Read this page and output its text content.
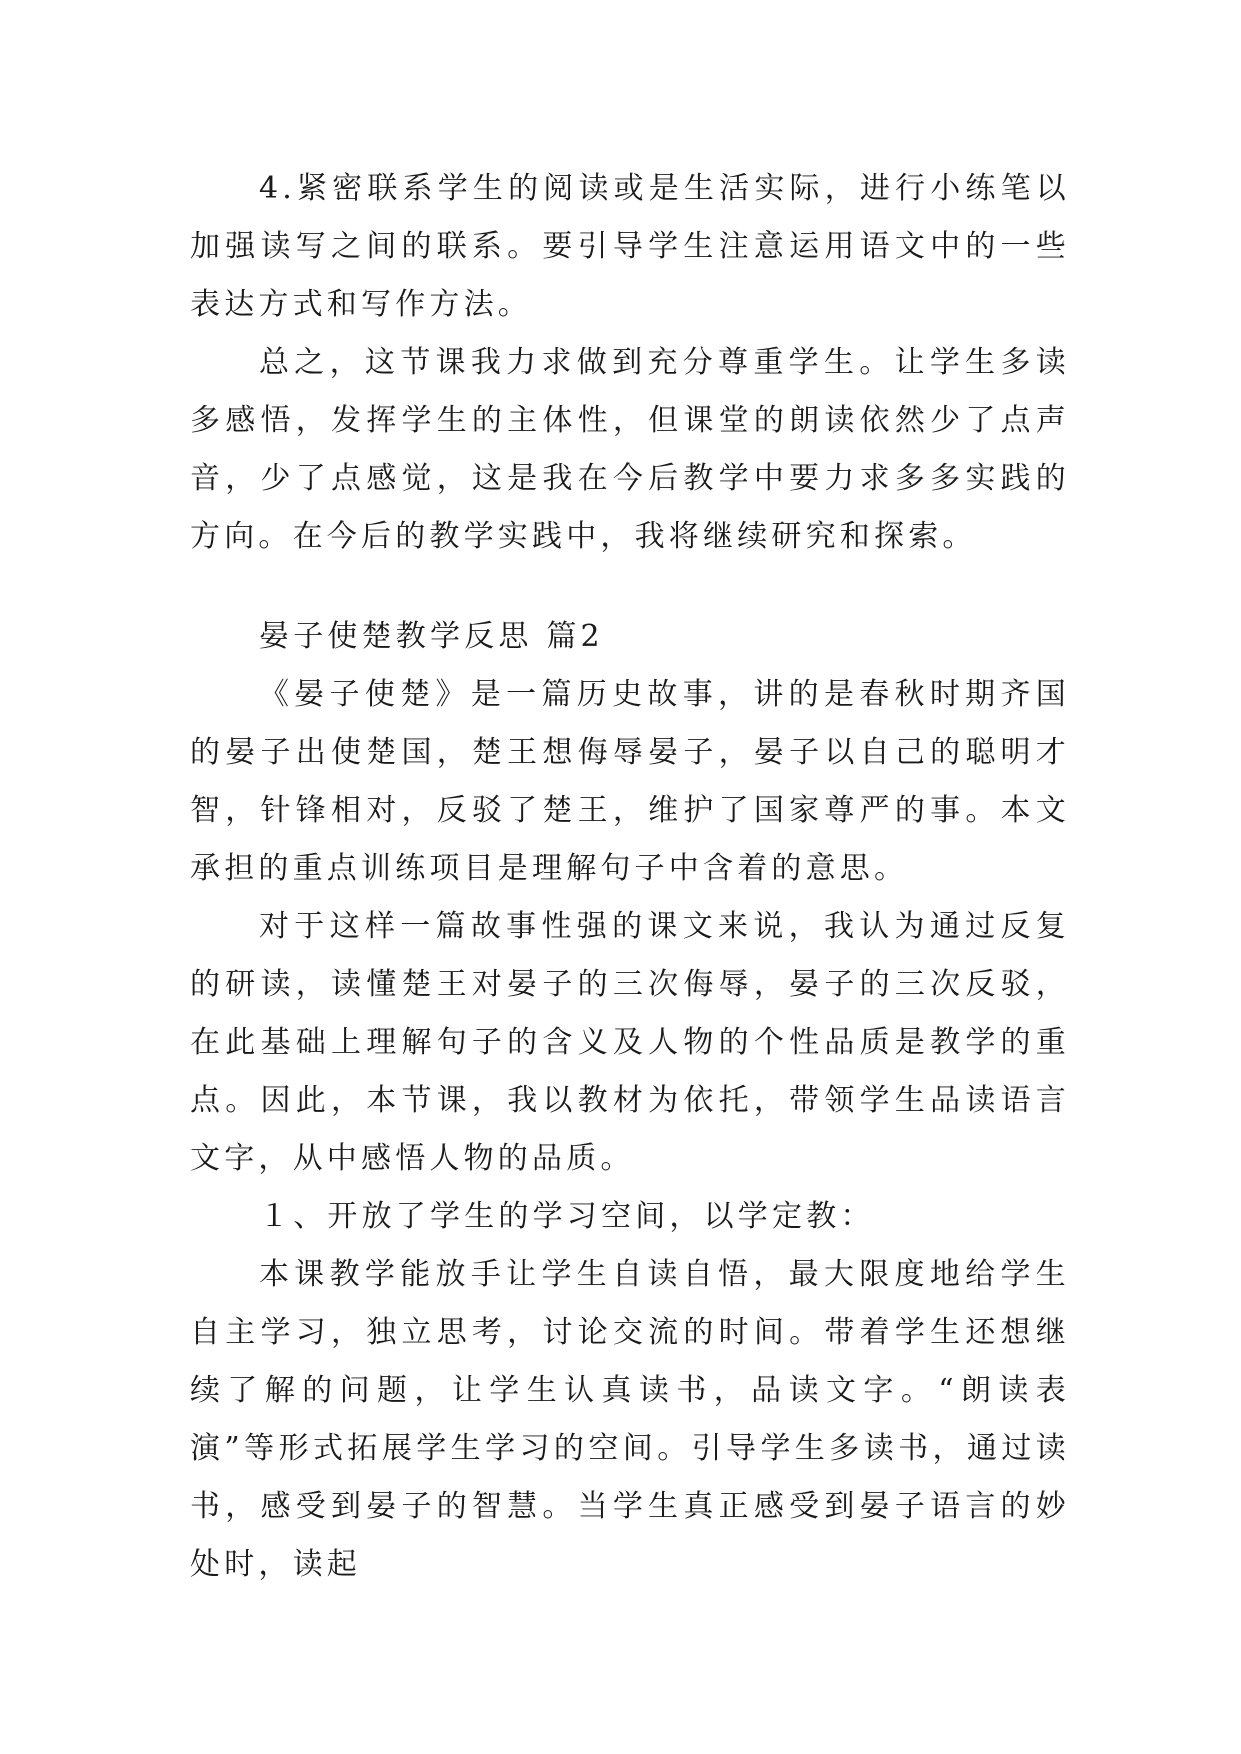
4.紧密联系学生的阅读或是生活实际，进行小练笔以加强读写之间的联系。要引导学生注意运用语文中的一些表达方式和写作方法。

总之，这节课我力求做到充分尊重学生。让学生多读多感悟，发挥学生的主体性，但课堂的朗读依然少了点声音，少了点感觉，这是我在今后教学中要力求多多实践的方向。在今后的教学实践中，我将继续研究和探索。

晏子使楚教学反思 篇2

《晏子使楚》是一篇历史故事，讲的是春秋时期齐国的晏子出使楚国，楚王想侮辱晏子，晏子以自己的聪明才智，针锋相对，反驳了楚王，维护了国家尊严的事。本文承担的重点训练项目是理解句子中含着的意思。

对于这样一篇故事性强的课文来说，我认为通过反复的研读，读懂楚王对晏子的三次侮辱，晏子的三次反驳，在此基础上理解句子的含义及人物的个性品质是教学的重点。因此，本节课，我以教材为依托，带领学生品读语言文字，从中感悟人物的品质。

１、开放了学生的学习空间，以学定教：

本课教学能放手让学生自读自悟，最大限度地给学生自主学习，独立思考，讨论交流的时间。带着学生还想继续了解的问题，让学生认真读书，品读文字。“朗读表演”等形式拓展学生学习的空间。引导学生多读书，通过读书，感受到晏子的智慧。当学生真正感受到晏子语言的妙处时，读起
